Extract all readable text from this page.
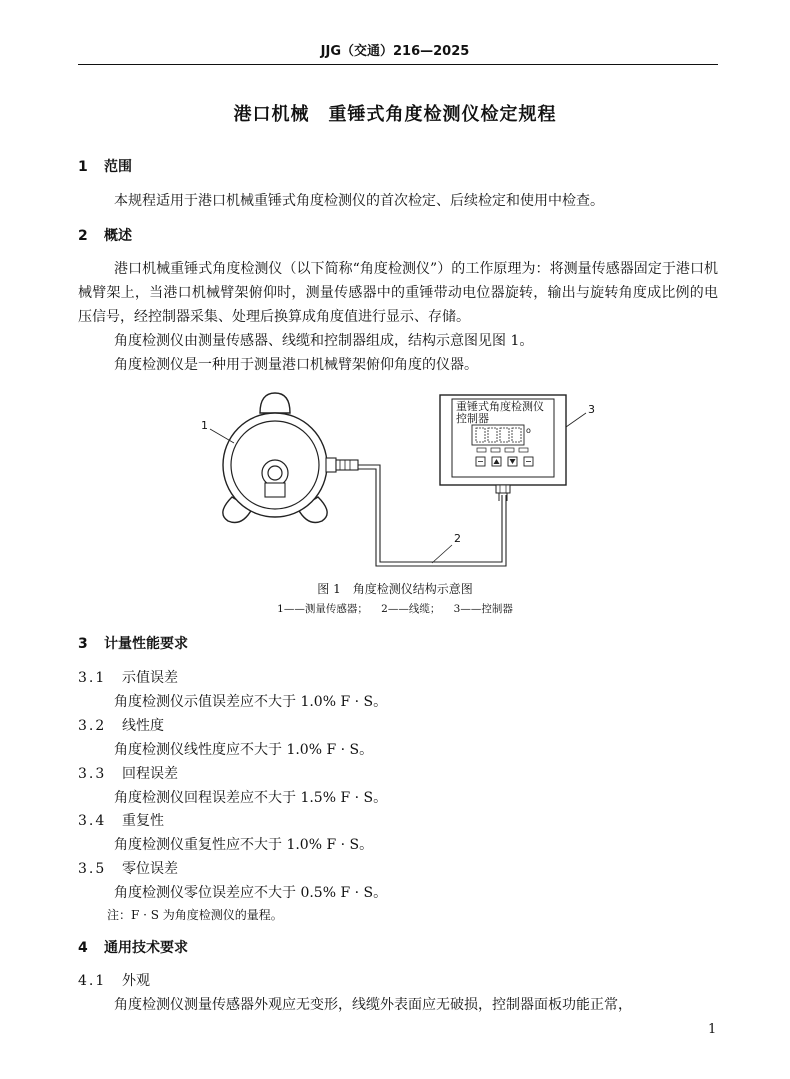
JJG（交通）216—2025
港口机械　重锤式角度检测仪检定规程
1 范围
本规程适用于港口机械重锤式角度检测仪的首次检定、后续检定和使用中检查。
2 概述
港口机械重锤式角度检测仪（以下简称“角度检测仪”）的工作原理为：将测量传感器固定于港口机械臂架上，当港口机械臂架俯仰时，测量传感器中的重锤带动电位器旋转，输出与旋转角度成比例的电压信号，经控制器采集、处理后换算成角度值进行显示、存储。
角度检测仪由测量传感器、线缆和控制器组成，结构示意图见图 1。
角度检测仪是一种用于测量港口机械臂架俯仰角度的仪器。
重锤式角度检测仪
控制器
o
1
3
2
图 1　角度检测仪结构示意图
1——测量传感器； 2——线缆； 3——控制器
3 计量性能要求
3.1 示值误差
角度检测仪示值误差应不大于 1.0% F · S。
3.2 线性度
角度检测仪线性度应不大于 1.0% F · S。
3.3 回程误差
角度检测仪回程误差应不大于 1.5% F · S。
3.4 重复性
角度检测仪重复性应不大于 1.0% F · S。
3.5 零位误差
角度检测仪零位误差应不大于 0.5% F · S。
注：F · S 为角度检测仪的量程。
4 通用技术要求
4.1 外观
角度检测仪测量传感器外观应无变形，线缆外表面应无破损，控制器面板功能正常，
1
